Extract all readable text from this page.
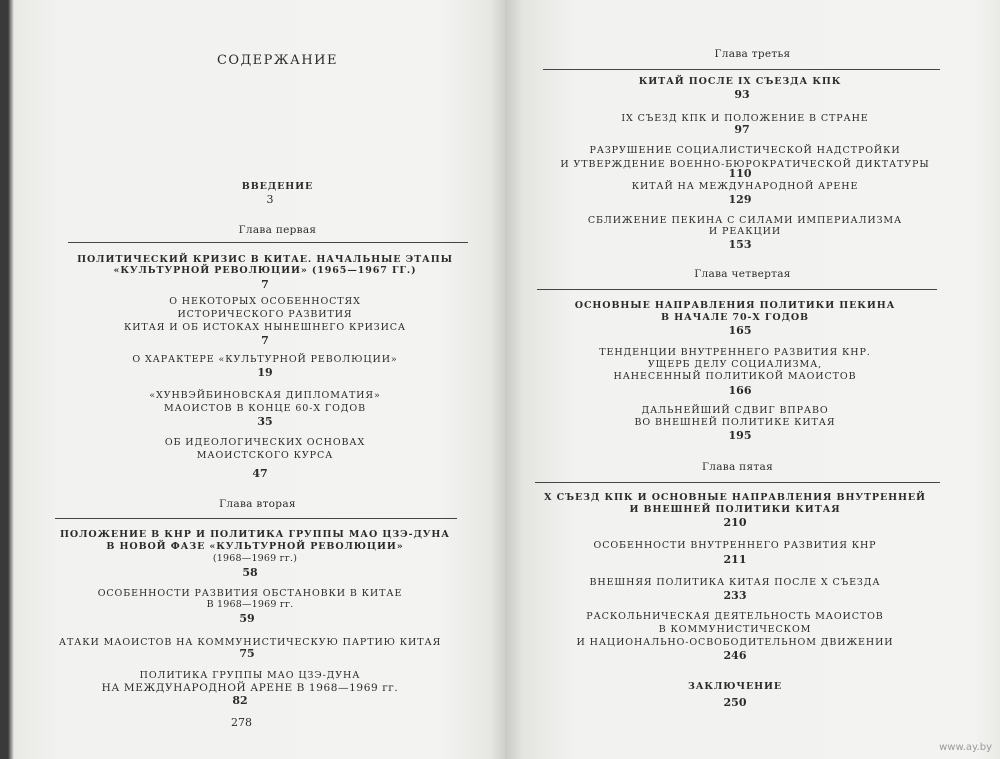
СОДЕРЖАНИЕ
ВВЕДЕНИЕ
3
Глава первая
ПОЛИТИЧЕСКИЙ КРИЗИС В КИТАЕ. НАЧАЛЬНЫЕ ЭТАПЫ
«КУЛЬТУРНОЙ РЕВОЛЮЦИИ» (1965—1967 ГГ.)
7
О НЕКОТОРЫХ ОСОБЕННОСТЯХ
ИСТОРИЧЕСКОГО РАЗВИТИЯ
КИТАЯ И ОБ ИСТОКАХ НЫНЕШНЕГО КРИЗИСА
7
О ХАРАКТЕРЕ «КУЛЬТУРНОЙ РЕВОЛЮЦИИ»
19
«ХУНВЭЙБИНОВСКАЯ ДИПЛОМАТИЯ»
МАОИСТОВ В КОНЦЕ 60-Х ГОДОВ
35
ОБ ИДЕОЛОГИЧЕСКИХ ОСНОВАХ
МАОИСТСКОГО КУРСА
47
Глава вторая
ПОЛОЖЕНИЕ В КНР И ПОЛИТИКА ГРУППЫ МАО ЦЗЭ-ДУНА
В НОВОЙ ФАЗЕ «КУЛЬТУРНОЙ РЕВОЛЮЦИИ»
(1968—1969 гг.)
58
ОСОБЕННОСТИ РАЗВИТИЯ ОБСТАНОВКИ В КИТАЕ
В 1968—1969 гг.
59
АТАКИ МАОИСТОВ НА КОММУНИСТИЧЕСКУЮ ПАРТИЮ КИТАЯ
75
ПОЛИТИКА ГРУППЫ МАО ЦЗЭ-ДУНА
НА МЕЖДУНАРОДНОЙ АРЕНЕ В 1968—1969 гг.
82
278
Глава третья
КИТАЙ ПОСЛЕ IX СЪЕЗДА КПК
93
IX СЪЕЗД КПК И ПОЛОЖЕНИЕ В СТРАНЕ
97
РАЗРУШЕНИЕ СОЦИАЛИСТИЧЕСКОЙ НАДСТРОЙКИ
И УТВЕРЖДЕНИЕ ВОЕННО-БЮРОКРАТИЧЕСКОЙ ДИКТАТУРЫ
110
КИТАЙ НА МЕЖДУНАРОДНОЙ АРЕНЕ
129
СБЛИЖЕНИЕ ПЕКИНА С СИЛАМИ ИМПЕРИАЛИЗМА
И РЕАКЦИИ
153
Глава четвертая
ОСНОВНЫЕ НАПРАВЛЕНИЯ ПОЛИТИКИ ПЕКИНА
В НАЧАЛЕ 70-Х ГОДОВ
165
ТЕНДЕНЦИИ ВНУТРЕННЕГО РАЗВИТИЯ КНР.
УЩЕРБ ДЕЛУ СОЦИАЛИЗМА,
НАНЕСЕННЫЙ ПОЛИТИКОЙ МАОИСТОВ
166
ДАЛЬНЕЙШИЙ СДВИГ ВПРАВО
ВО ВНЕШНЕЙ ПОЛИТИКЕ КИТАЯ
195
Глава пятая
X СЪЕЗД КПК И ОСНОВНЫЕ НАПРАВЛЕНИЯ ВНУТРЕННЕЙ
И ВНЕШНЕЙ ПОЛИТИКИ КИТАЯ
210
ОСОБЕННОСТИ ВНУТРЕННЕГО РАЗВИТИЯ КНР
211
ВНЕШНЯЯ ПОЛИТИКА КИТАЯ ПОСЛЕ X СЪЕЗДА
233
РАСКОЛЬНИЧЕСКАЯ ДЕЯТЕЛЬНОСТЬ МАОИСТОВ
В КОММУНИСТИЧЕСКОМ
И НАЦИОНАЛЬНО-ОСВОБОДИТЕЛЬНОМ ДВИЖЕНИИ
246
ЗАКЛЮЧЕНИЕ
250
www.ay.by
